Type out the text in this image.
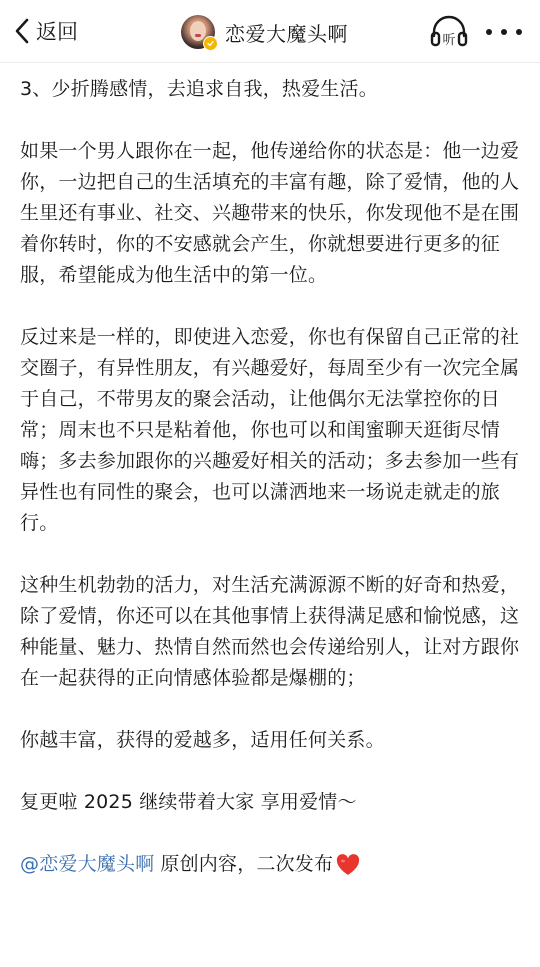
返回	恋爱大魔头啊	听

3、少折腾感情，去追求自我，热爱生活。

如果一个男人跟你在一起，他传递给你的状态是：他一边爱你，一边把自己的生活填充的丰富有趣，除了爱情，他的人生里还有事业、社交、兴趣带来的快乐，你发现他不是在围着你转时，你的不安感就会产生，你就想要进行更多的征服，希望能成为他生活中的第一位。

反过来是一样的，即使进入恋爱，你也有保留自己正常的社交圈子，有异性朋友，有兴趣爱好，每周至少有一次完全属于自己，不带男友的聚会活动，让他偶尔无法掌控你的日常；周末也不只是粘着他，你也可以和闺蜜聊天逛街尽情嗨；多去参加跟你的兴趣爱好相关的活动；多去参加一些有异性也有同性的聚会，也可以潇洒地来一场说走就走的旅行。

这种生机勃勃的活力，对生活充满源源不断的好奇和热爱，除了爱情，你还可以在其他事情上获得满足感和愉悦感，这种能量、魅力、热情自然而然也会传递给别人，让对方跟你在一起获得的正向情感体验都是爆棚的；

你越丰富，获得的爱越多，适用任何关系。

复更啦 2025 继续带着大家 享用爱情～

@恋爱大魔头啊 原创内容，二次发布
